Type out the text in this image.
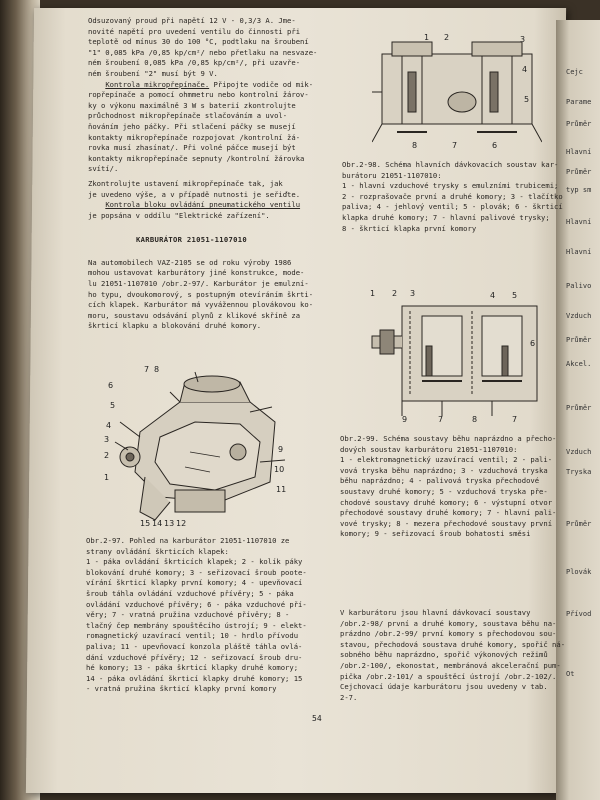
Cejc
Parame
Průměr
Hlavní
Průměr
typ sm
Hlavní
Hlavní
Palivo
Vzduch
Průměr
Akcel.
Průměr
Vzduch
Tryska
Průměr
Plovák
Přívod
Ot

Odsuzovaný proud při napětí 12 V - 0,3/3 A. Jme-

novité napětí pro uvedení ventilu do činnosti při

teplotě od mínus 30 do 100 °C, podtlaku na šroubení

"1" 0,085 kPa /0,85 kp/cm²/ nebo přetlaku na nesvaze-

ném šroubení 0,085 kPa /0,85 kp/cm²/, při uzavře-

ném šroubení "2" musí být 9 V.

Kontrola mikropřepínače. Připojte vodiče od mik-

ropřepínače a pomocí ohmmetru nebo kontrolní žárov-

ky o výkonu maximálně 3 W s baterií zkontrolujte

průchodnost mikropřepínače stlačováním a uvol-

ňováním jeho páčky. Při stlačení páčky se musejí

kontakty mikropřepínače rozpojovat /kontrolní žá-

rovka musí zhasínat/. Při volné páčce musejí být

kontakty mikropřepínače sepnuty /kontrolní žárovka

svítí/.

Zkontrolujte ustavení mikropřepínače tak, jak

je uvedeno výše, a v případě nutnosti je seřiďte.

Kontrola bloku ovládání pneumatického ventilu

je popsána v oddílu "Elektrické zařízení".

KARBURÁTOR 21051-1107010

Na automobilech VAZ-2105 se od roku výroby 1986

mohou ustavovat karburátory jiné konstrukce, mode-

lu 21051-1107010 /obr.2-97/. Karburátor je emulzní-

ho typu, dvoukomorový, s postupným otevíráním škrti-

cích klapek. Karburátor má vyvážennou plovákovou ko-

moru, soustavu odsávání plynů z klikové skříně za

škrticí klapku a blokování druhé komory.

7 8
6
5
4
3
2
1
9
10
11
15 14 13 12

Obr.2-97. Pohled na karburátor 21051-1107010 ze

strany ovládání škrticích klapek:

1 - páka ovládání škrticích klapek; 2 - kolík páky

blokování druhé komory; 3 - seřizovací šroub poote-

vírání škrticí klapky první komory; 4 - upevňovací

šroub táhla ovládání vzduchové přívěry; 5 - páka

ovládání vzduchové přívěry; 6 - páka vzduchové pří-

věry; 7 - vratná pružina vzduchové přívěry; 8 -

tlačný čep membrány spouštěcího ústrojí; 9 - elekt-

romagnetický uzavírací ventil; 10 - hrdlo přívodu

paliva; 11 - upevňovací konzola pláště táhla ovlá-

dání vzduchové přívěry; 12 - seřizovací šroub dru-

hé komory; 13 - páka škrticí klapky druhé komory;

14 - páka ovládání škrticí klapky druhé komory; 15

- vratná pružina škrticí klapky první komory

1 2	3
4
5
6
7
8

Obr.2-98. Schéma hlavních dávkovacích soustav kar-

burátoru 21051-1107010:

1 - hlavní vzduchové trysky s emulzními trubicemi;

2 - rozprašovače první a druhé komory; 3 - tlačítko

paliva; 4 - jehlový ventil; 5 - plovák; 6 - škrticí

klapka druhé komory; 7 - hlavní palivové trysky;

8 - škrticí klapka první komory

1 2 3	4 5
6
7
8
9	7

Obr.2-99. Schéma soustavy běhu naprázdno a přecho-

dových soustav karburátoru 21051-1107010:

1 - elektromagnetický uzavírací ventil; 2 - pali-

vová tryska běhu naprázdno; 3 - vzduchová tryska

běhu naprázdno; 4 - palivová tryska přechodové

soustavy druhé komory; 5 - vzduchová tryska pře-

chodové soustavy druhé komory; 6 - výstupní otvor

přechodové soustavy druhé komory; 7 - hlavní pali-

vové trysky; 8 - mezera přechodové soustavy první

komory; 9 - seřizovací šroub bohatosti směsi

V karburátoru jsou hlavní dávkovací soustavy

/obr.2-98/ první a druhé komory, soustava běhu na-

prázdno /obr.2-99/ první komory s přechodovou sou-

stavou, přechodová soustava druhé komory, spořič ná-

sobného běhu naprázdno, spořič výkonových režimů

/obr.2-100/, ekonostat, membránová akcelerační pum-

pička /obr.2-101/ a spouštěcí ústrojí /obr.2-102/.

Cejchovací údaje karburátoru jsou uvedeny v tab.

2-7.

54
